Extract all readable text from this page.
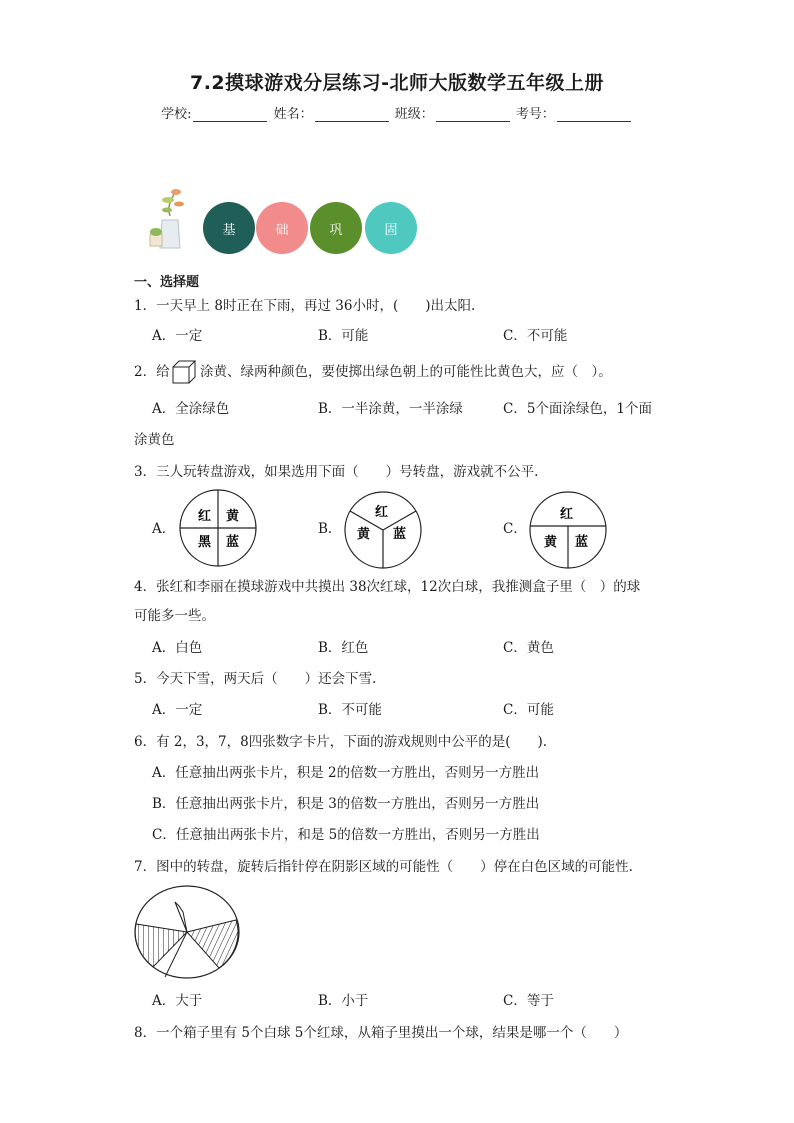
7.2摸球游戏分层练习-北师大版数学五年级上册
学校:	姓名：	班级：	考号：
基	础	巩	固
一、选择题
1．一天早上 8时正在下雨，再过 36小时，(　　)出太阳.
A．一定	B．可能	C．不可能
2．给 涂黄、绿两种颜色，要使掷出绿色朝上的可能性比黄色大，应（　）。
A．全涂绿色	B．一半涂黄，一半涂绿	C．5个面涂绿色，1个面
涂黄色
3．三人玩转盘游戏，如果选用下面（　　）号转盘，游戏就不公平.
A．	B．	C．
红 黄
黑 蓝
红
黄 蓝
红
黄 蓝
4．张红和李丽在摸球游戏中共摸出 38次红球，12次白球，我推测盒子里（　）的球
可能多一些。
A．白色	B．红色	C．黄色
5．今天下雪，两天后（　　）还会下雪.
A．一定	B．不可能	C．可能
6．有 2，3，7，8四张数字卡片，下面的游戏规则中公平的是(　　).
A．任意抽出两张卡片，积是 2的倍数一方胜出，否则另一方胜出
B．任意抽出两张卡片，积是 3的倍数一方胜出，否则另一方胜出
C．任意抽出两张卡片，和是 5的倍数一方胜出，否则另一方胜出
7．图中的转盘，旋转后指针停在阴影区域的可能性（　　）停在白色区域的可能性.
A．大于	B．小于	C．等于
8．一个箱子里有 5个白球 5个红球，从箱子里摸出一个球，结果是哪一个（　　）
